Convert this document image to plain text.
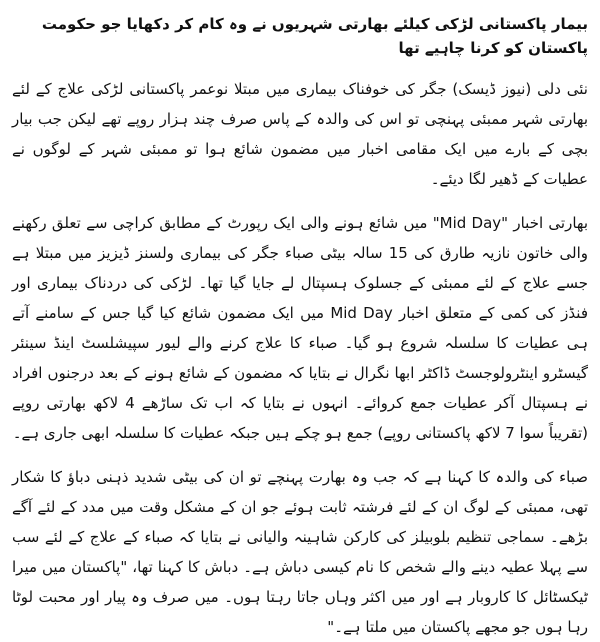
بیمار پاکستانی لڑکی کیلئے بھارتی شہریوں نے وہ کام کر دکھایا جو حکومت پاکستان کو کرنا چاہیے تھا

نئی دلی (نیوز ڈیسک) جگر کی خوفناک بیماری میں مبتلا نوعمر پاکستانی لڑکی علاج کے لئے بھارتی شہر ممبئی پہنچی تو اس کی والدہ کے پاس صرف چند ہزار روپے تھے لیکن جب بیار بچی کے بارے میں ایک مقامی اخبار میں مضمون شائع ہوا تو ممبئی شہر کے لوگوں نے عطیات کے ڈھیر لگا دیئے۔

بھارتی اخبار "Mid Day" میں شائع ہونے والی ایک رپورٹ کے مطابق کراچی سے تعلق رکھنے والی خاتون نازیہ طارق کی 15 سالہ بیٹی صباء جگر کی بیماری ولسنز ڈیزیز میں مبتلا ہے جسے علاج کے لئے ممبئی کے جسلوک ہسپتال لے جایا گیا تھا۔ لڑکی کی دردناک بیماری اور فنڈز کی کمی کے متعلق اخبار Mid Day میں ایک مضمون شائع کیا گیا جس کے سامنے آتے ہی عطیات کا سلسلہ شروع ہو گیا۔ صباء کا علاج کرنے والے لیور سپیشلسٹ اینڈ سینئر گیسٹرو اینٹرولوجسٹ ڈاکٹر ابھا نگرال نے بتایا کہ مضمون کے شائع ہونے کے بعد درجنوں افراد نے ہسپتال آکر عطیات جمع کروائے۔ انہوں نے بتایا کہ اب تک ساڑھے 4 لاکھ بھارتی روپے (تقریباً سوا 7 لاکھ پاکستانی روپے) جمع ہو چکے ہیں جبکہ عطیات کا سلسلہ ابھی جاری ہے۔

صباء کی والدہ کا کہنا ہے کہ جب وہ بھارت پہنچے تو ان کی بیٹی شدید ذہنی دباؤ کا شکار تھی، ممبئی کے لوگ ان کے لئے فرشتہ ثابت ہوئے جو ان کے مشکل وقت میں مدد کے لئے آگے بڑھے۔ سماجی تنظیم بلوبیلز کی کارکن شاہینہ والیانی نے بتایا کہ صباء کے علاج کے لئے سب سے پہلا عطیہ دینے والے شخص کا نام کیسی دباش ہے۔ دباش کا کہنا تھا، "پاکستان میں میرا ٹیکسٹائل کا کاروبار ہے اور میں اکثر وہاں جاتا رہتا ہوں۔ میں صرف وہ پیار اور محبت لوٹا رہا ہوں جو مجھے پاکستان میں ملتا ہے۔"
